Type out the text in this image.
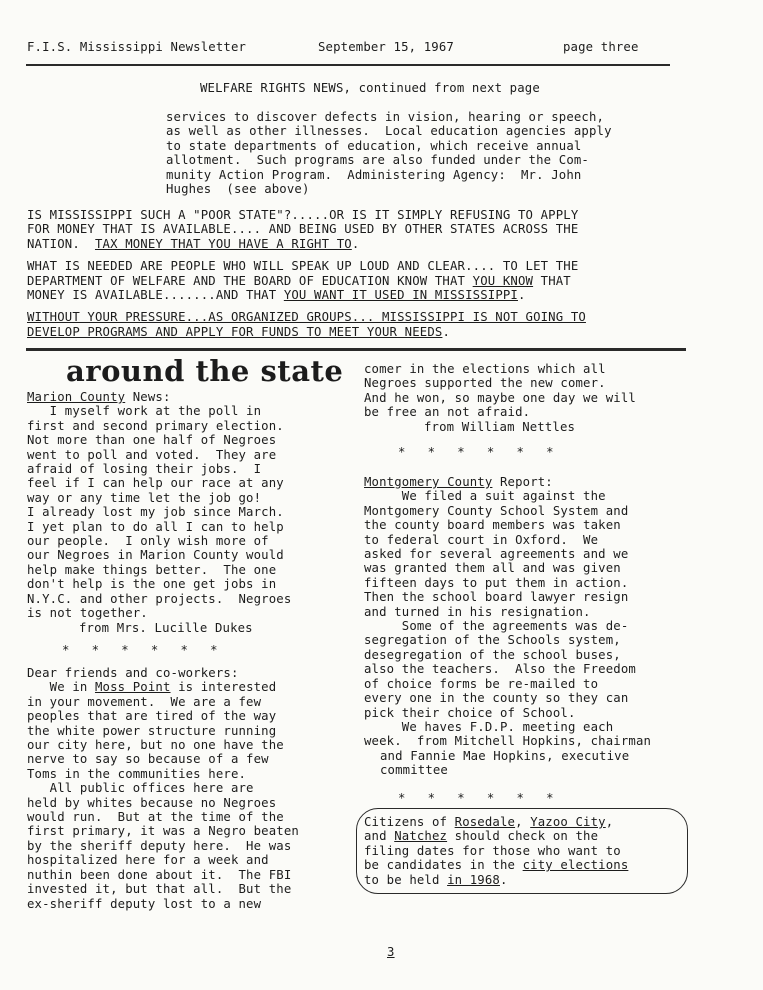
F.I.S. Mississippi Newsletter	September 15, 1967	page three
WELFARE RIGHTS NEWS, continued from next page
services to discover defects in vision, hearing or speech,
as well as other illnesses.  Local education agencies apply
to state departments of education, which receive annual
allotment.  Such programs are also funded under the Com-
munity Action Program.  Administering Agency:  Mr. John
Hughes  (see above)
IS MISSISSIPPI SUCH A "POOR STATE"?.....OR IS IT SIMPLY REFUSING TO APPLY
FOR MONEY THAT IS AVAILABLE.... AND BEING USED BY OTHER STATES ACROSS THE
NATION.  TAX MONEY THAT YOU HAVE A RIGHT TO.
WHAT IS NEEDED ARE PEOPLE WHO WILL SPEAK UP LOUD AND CLEAR.... TO LET THE
DEPARTMENT OF WELFARE AND THE BOARD OF EDUCATION KNOW THAT YOU KNOW THAT
MONEY IS AVAILABLE.......AND THAT YOU WANT IT USED IN MISSISSIPPI.
WITHOUT YOUR PRESSURE...AS ORGANIZED GROUPS... MISSISSIPPI IS NOT GOING TO
DEVELOP PROGRAMS AND APPLY FOR FUNDS TO MEET YOUR NEEDS.
around the state
Marion County News:
I myself work at the poll in
first and second primary election.
Not more than one half of Negroes
went to poll and voted.  They are
afraid of losing their jobs.  I
feel if I can help our race at any
way or any time let the job go!
I already lost my job since March.
I yet plan to do all I can to help
our people.  I only wish more of
our Negroes in Marion County would
help make things better.  The one
don't help is the one get jobs in
N.Y.C. and other projects.  Negroes
is not together.
from Mrs. Lucille Dukes
*   *   *   *   *   *
Dear friends and co-workers:
We in Moss Point is interested
in your movement.  We are a few
peoples that are tired of the way
the white power structure running
our city here, but no one have the
nerve to say so because of a few
Toms in the communities here.
All public offices here are
held by whites because no Negroes
would run.  But at the time of the
first primary, it was a Negro beaten
by the sheriff deputy here.  He was
hospitalized here for a week and
nuthin been done about it.  The FBI
invested it, but that all.  But the
ex-sheriff deputy lost to a new
comer in the elections which all
Negroes supported the new comer.
And he won, so maybe one day we will
be free an not afraid.
from William Nettles
*   *   *   *   *   *
Montgomery County Report:
We filed a suit against the
Montgomery County School System and
the county board members was taken
to federal court in Oxford.  We
asked for several agreements and we
was granted them all and was given
fifteen days to put them in action.
Then the school board lawyer resign
and turned in his resignation.
Some of the agreements was de-
segregation of the Schools system,
desegregation of the school buses,
also the teachers.  Also the Freedom
of choice forms be re-mailed to
every one in the county so they can
pick their choice of School.
We haves F.D.P. meeting each
week. from Mitchell Hopkins, chairman
and Fannie Mae Hopkins, executive
committee
*   *   *   *   *   *
Citizens of Rosedale, Yazoo City,
and Natchez should check on the
filing dates for those who want to
be candidates in the city elections
to be held in 1968.
3
